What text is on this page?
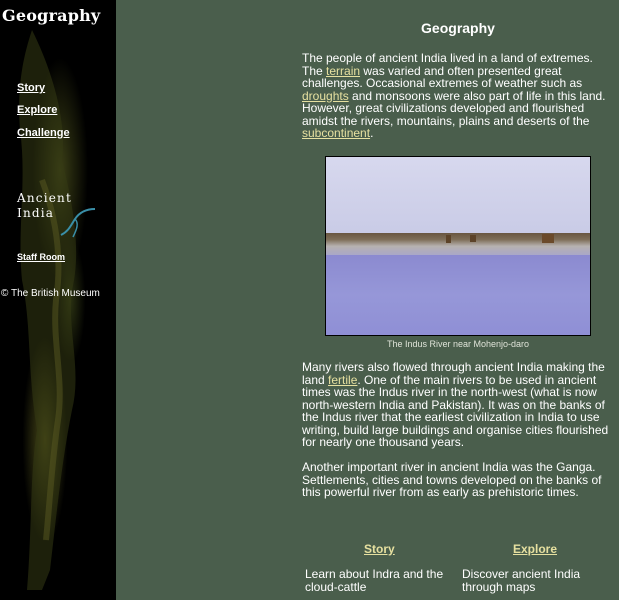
Geography
Story
Explore
Challenge
Ancient
India
Staff Room
© The British Museum
Geography

The people of ancient India lived in a land of extremes. The terrain was varied and often presented great challenges. Occasional extremes of weather such as droughts and monsoons were also part of life in this land. However, great civilizations developed and flourished amidst the rivers, mountains, plains and deserts of the subcontinent.

Many rivers also flowed through ancient India making the land fertile. One of the main rivers to be used in ancient times was the Indus river in the north-west (what is now north-western India and Pakistan). It was on the banks of the Indus river that the earliest civilization in India to use writing, build large buildings and organise cities flourished for nearly one thousand years.

Another important river in ancient India was the Ganga. Settlements, cities and towns developed on the banks of this powerful river from as early as prehistoric times.

The Indus River near Mohenjo-daro
Story	Explore
Learn about Indra and the cloud-cattle
Discover ancient India through maps
